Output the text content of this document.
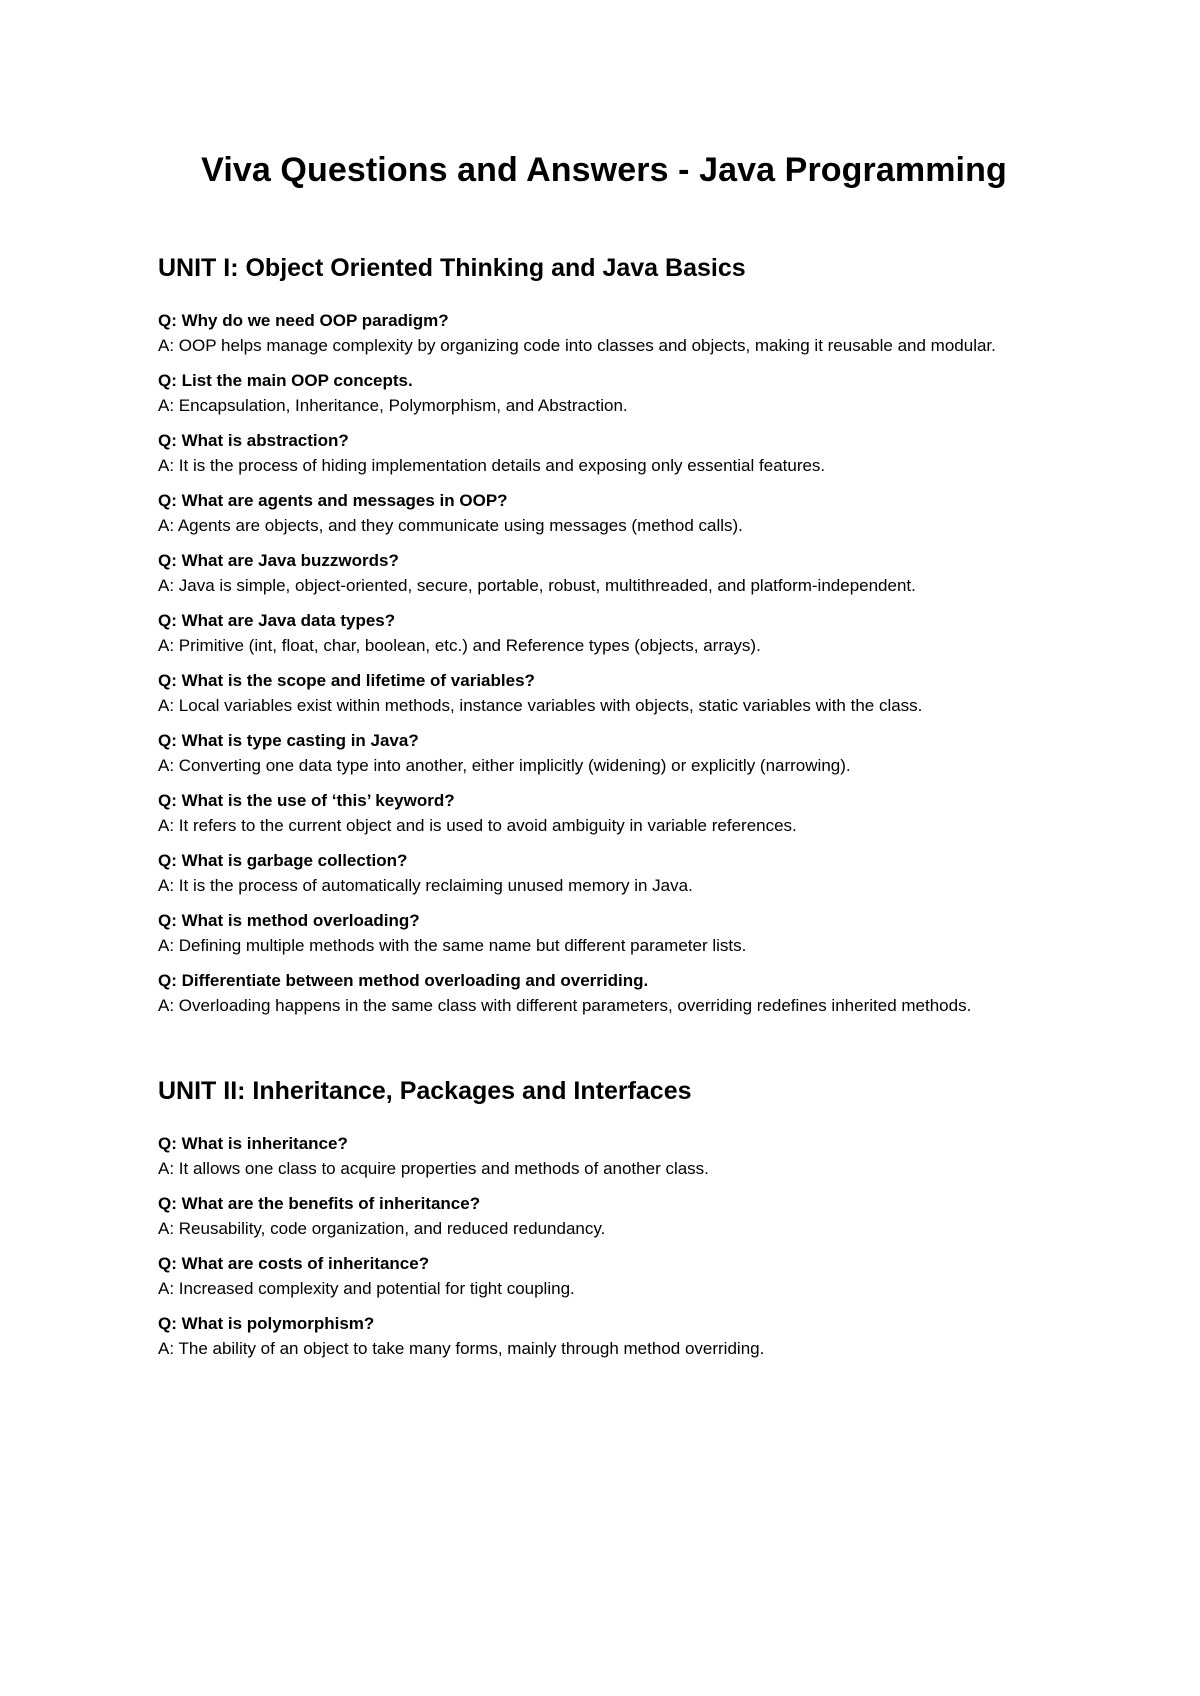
Viva Questions and Answers - Java Programming
UNIT I: Object Oriented Thinking and Java Basics
Q: Why do we need OOP paradigm?
A: OOP helps manage complexity by organizing code into classes and objects, making it reusable and modular.
Q: List the main OOP concepts.
A: Encapsulation, Inheritance, Polymorphism, and Abstraction.
Q: What is abstraction?
A: It is the process of hiding implementation details and exposing only essential features.
Q: What are agents and messages in OOP?
A: Agents are objects, and they communicate using messages (method calls).
Q: What are Java buzzwords?
A: Java is simple, object-oriented, secure, portable, robust, multithreaded, and platform-independent.
Q: What are Java data types?
A: Primitive (int, float, char, boolean, etc.) and Reference types (objects, arrays).
Q: What is the scope and lifetime of variables?
A: Local variables exist within methods, instance variables with objects, static variables with the class.
Q: What is type casting in Java?
A: Converting one data type into another, either implicitly (widening) or explicitly (narrowing).
Q: What is the use of ‘this’ keyword?
A: It refers to the current object and is used to avoid ambiguity in variable references.
Q: What is garbage collection?
A: It is the process of automatically reclaiming unused memory in Java.
Q: What is method overloading?
A: Defining multiple methods with the same name but different parameter lists.
Q: Differentiate between method overloading and overriding.
A: Overloading happens in the same class with different parameters, overriding redefines inherited methods.
UNIT II: Inheritance, Packages and Interfaces
Q: What is inheritance?
A: It allows one class to acquire properties and methods of another class.
Q: What are the benefits of inheritance?
A: Reusability, code organization, and reduced redundancy.
Q: What are costs of inheritance?
A: Increased complexity and potential for tight coupling.
Q: What is polymorphism?
A: The ability of an object to take many forms, mainly through method overriding.
